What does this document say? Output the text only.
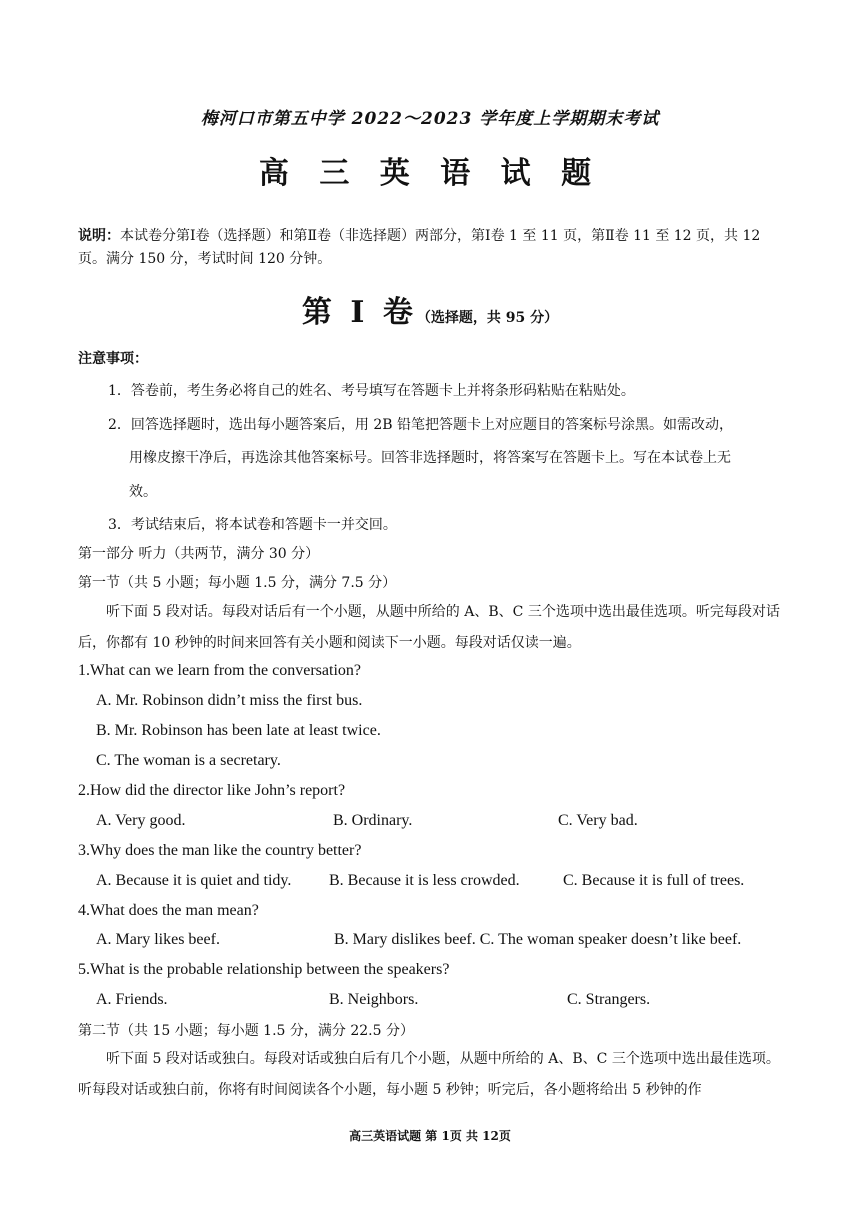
梅河口市第五中学 2022～2023 学年度上学期期末考试
高 三 英 语 试 题
说明：本试卷分第Ⅰ卷（选择题）和第Ⅱ卷（非选择题）两部分，第Ⅰ卷 1 至 11 页，第Ⅱ卷 11 至 12 页，共 12 页。满分 150 分，考试时间 120 分钟。
第 I 卷（选择题，共 95 分）
注意事项：
1．答卷前，考生务必将自己的姓名、考号填写在答题卡上并将条形码粘贴在粘贴处。
2．回答选择题时，选出每小题答案后，用 2B 铅笔把答题卡上对应题目的答案标号涂黑。如需改动，
用橡皮擦干净后，再选涂其他答案标号。回答非选择题时，将答案写在答题卡上。写在本试卷上无
效。
3．考试结束后，将本试卷和答题卡一并交回。
第一部分 听力（共两节，满分 30 分）
第一节（共 5 小题；每小题 1.5 分，满分 7.5 分）
听下面 5 段对话。每段对话后有一个小题，从题中所给的 A、B、C 三个选项中选出最佳选项。听完每段对话后，你都有 10 秒钟的时间来回答有关小题和阅读下一小题。每段对话仅读一遍。
1.What can we learn from the conversation?
A. Mr. Robinson didn’t miss the first bus.
B. Mr. Robinson has been late at least twice.
C. The woman is a secretary.
2.How did the director like John’s report?
A. Very good.	B. Ordinary.	C. Very bad.
3.Why does the man like the country better?
A. Because it is quiet and tidy. B. Because it is less crowded.	C. Because it is full of trees.
4.What does the man mean?
A. Mary likes beef.	B. Mary dislikes beef. C. The woman speaker doesn’t like beef.
5.What is the probable relationship between the speakers?
A. Friends.	B. Neighbors.	C. Strangers.
第二节（共 15 小题；每小题 1.5 分，满分 22.5 分）
听下面 5 段对话或独白。每段对话或独白后有几个小题，从题中所给的 A、B、C 三个选项中选出最佳选项。听每段对话或独白前，你将有时间阅读各个小题，每小题 5 秒钟；听完后，各小题将给出 5 秒钟的作
高三英语试题 第 1页 共 12页
